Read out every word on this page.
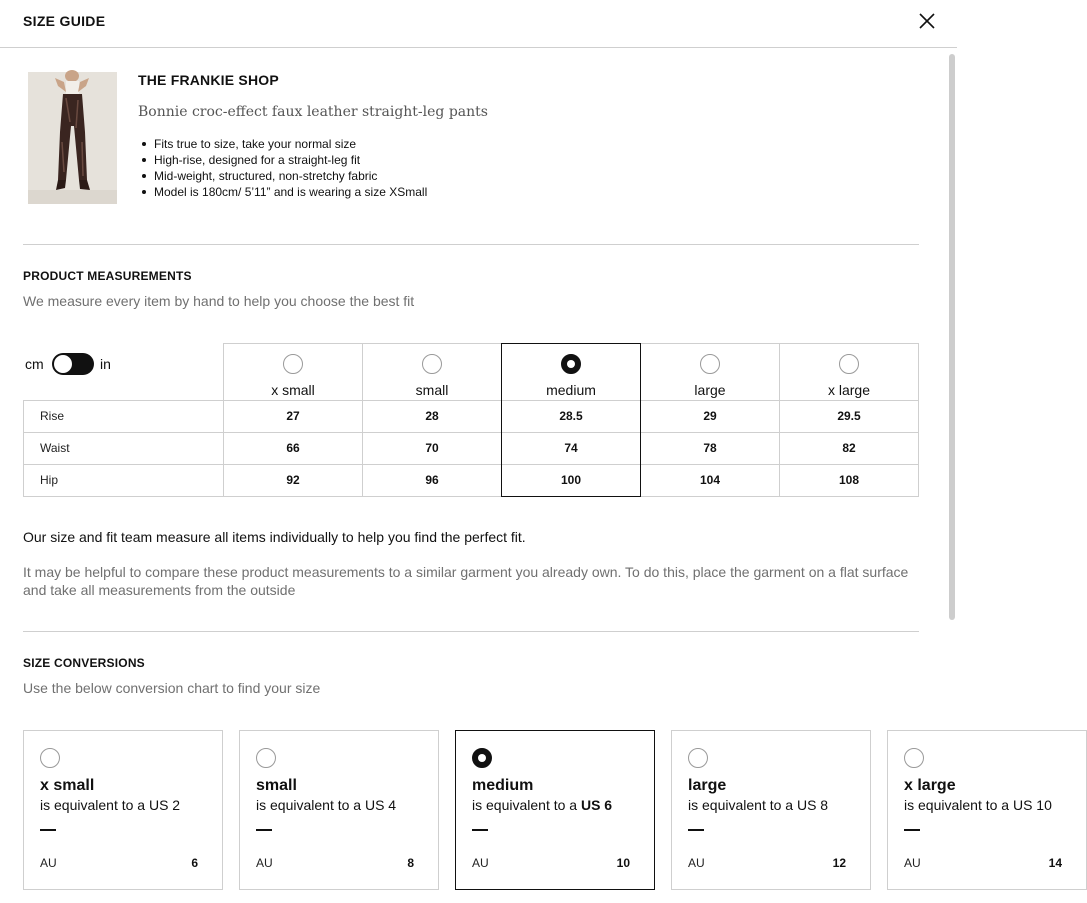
SIZE GUIDE
THE FRANKIE SHOP
Bonnie croc-effect faux leather straight-leg pants
Fits true to size, take your normal size
High-rise, designed for a straight-leg fit
Mid-weight, structured, non-stretchy fabric
Model is 180cm/ 5’11” and is wearing a size XSmall
PRODUCT MEASUREMENTS
We measure every item by hand to help you choose the best fit
cm	in
x small	small	medium	large	x large
Rise	27	28	28.5	29	29.5
Waist	66	70	74	78	82
Hip	92	96	100	104	108
Our size and fit team measure all items individually to help you find the perfect fit.
It may be helpful to compare these product measurements to a similar garment you already own. To do this, place the garment on a flat surface and take all measurements from the outside
SIZE CONVERSIONS
Use the below conversion chart to find your size
x small
is equivalent to a US 2
AU	6
small
is equivalent to a US 4
AU	8
medium
is equivalent to a US 6
AU	10
large
is equivalent to a US 8
AU	12
x large
is equivalent to a US 10
AU	14
